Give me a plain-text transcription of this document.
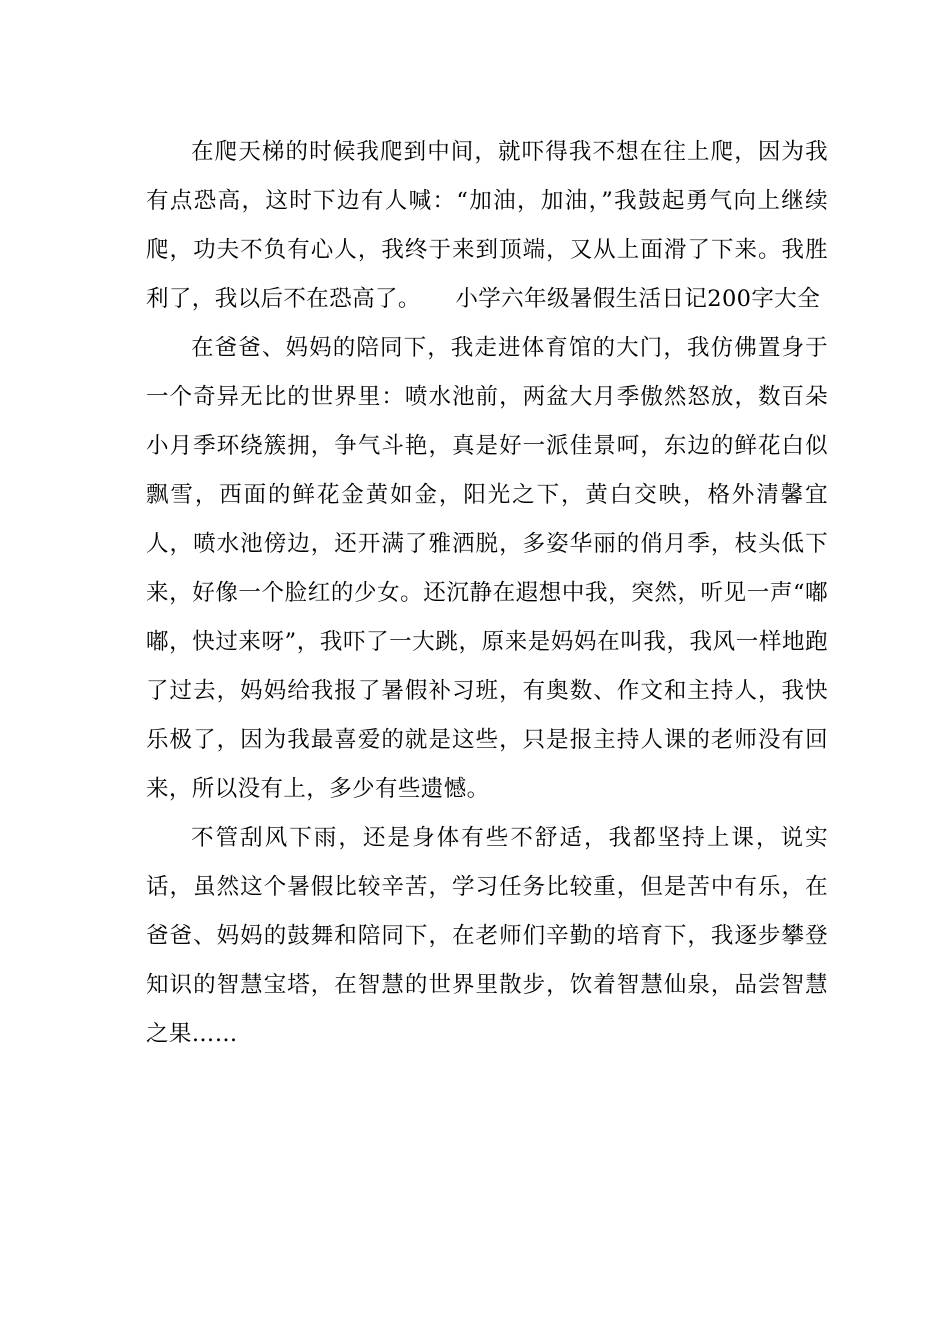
在爬天梯的时候我爬到中间，就吓得我不想在往上爬，因为我有点恐高，这时下边有人喊：“加油，加油，”我鼓起勇气向上继续爬，功夫不负有心人，我终于来到顶端，又从上面滑了下来。我胜利了，我以后不在恐高了。　　小学六年级暑假生活日记200字大全

在爸爸、妈妈的陪同下，我走进体育馆的大门，我仿佛置身于一个奇异无比的世界里：喷水池前，两盆大月季傲然怒放，数百朵小月季环绕簇拥，争气斗艳，真是好一派佳景呵，东边的鲜花白似飘雪，西面的鲜花金黄如金，阳光之下，黄白交映，格外清馨宜人，喷水池傍边，还开满了雅洒脱，多姿华丽的俏月季，枝头低下来，好像一个脸红的少女。还沉静在遐想中我，突然，听见一声“嘟嘟，快过来呀”，我吓了一大跳，原来是妈妈在叫我，我风一样地跑了过去，妈妈给我报了暑假补习班，有奥数、作文和主持人，我快乐极了，因为我最喜爱的就是这些，只是报主持人课的老师没有回来，所以没有上，多少有些遗憾。

不管刮风下雨，还是身体有些不舒适，我都坚持上课，说实话，虽然这个暑假比较辛苦，学习任务比较重，但是苦中有乐，在爸爸、妈妈的鼓舞和陪同下，在老师们辛勤的培育下，我逐步攀登知识的智慧宝塔，在智慧的世界里散步，饮着智慧仙泉，品尝智慧之果……
